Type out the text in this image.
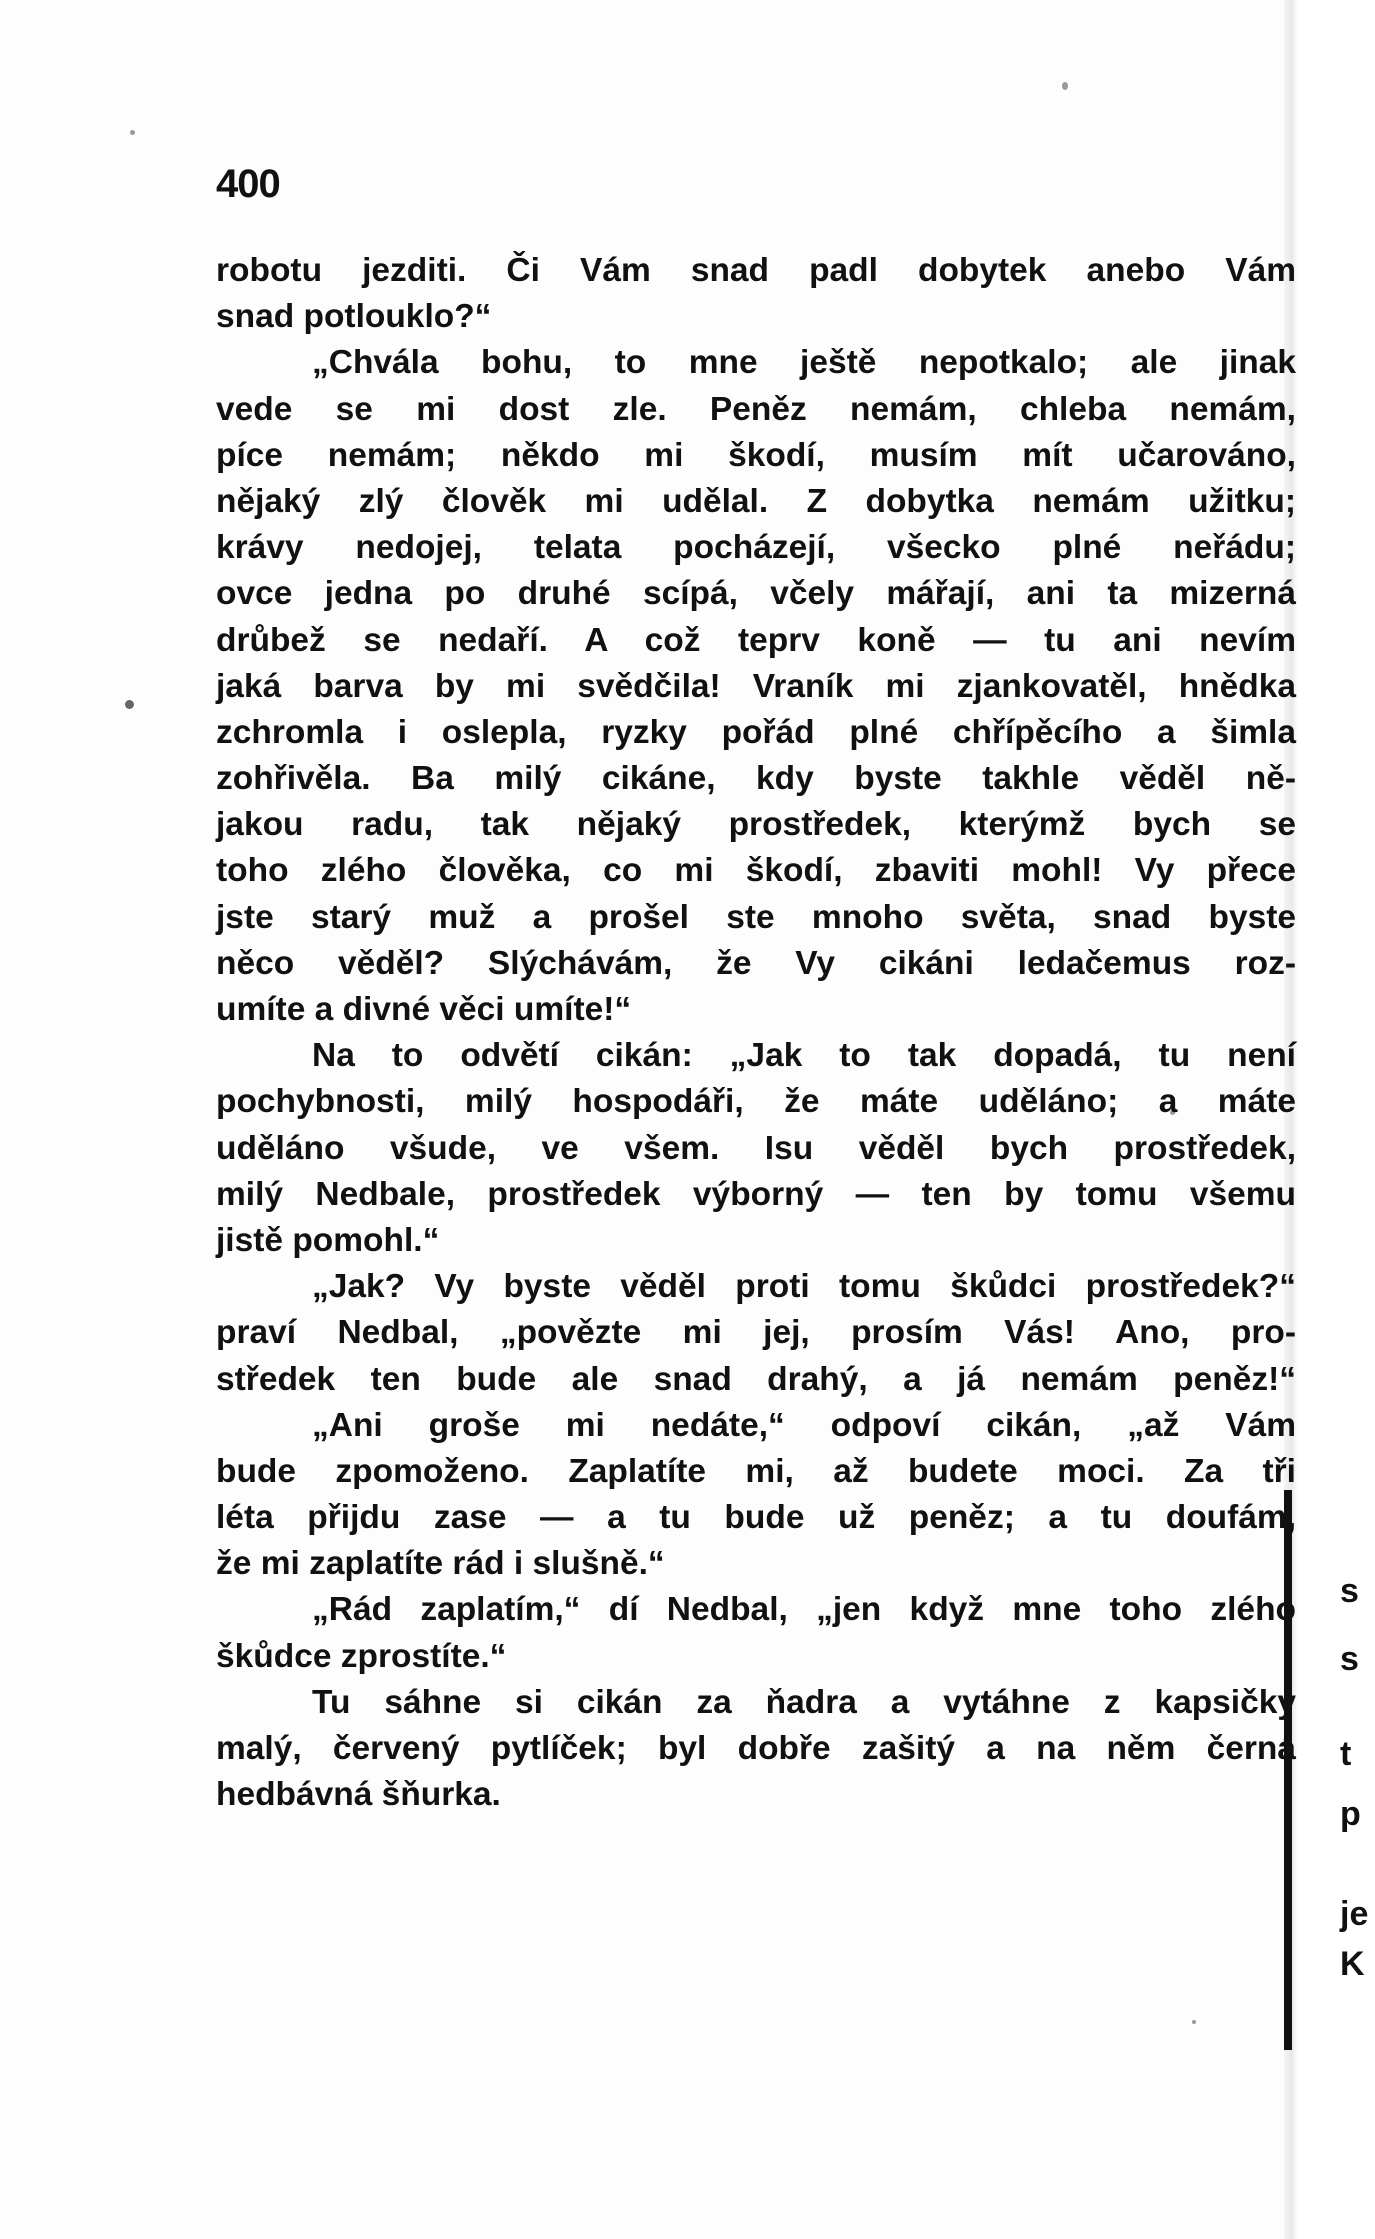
400
robotu jezditi. Či Vám snad padl dobytek anebo Vám
snad potlouklo?“
„Chvála bohu, to mne ještě nepotkalo; ale jinak
vede se mi dost zle. Peněz nemám, chleba nemám,
píce nemám; někdo mi škodí, musím mít učarováno,
nějaký zlý člověk mi udělal. Z dobytka nemám užitku;
krávy nedojej, telata pocházejí, všecko plné neřádu;
ovce jedna po druhé scípá, včely mářají, ani ta mizerná
drůbež se nedaří. A což teprv koně — tu ani nevím
jaká barva by mi svědčila! Vraník mi zjankovatěl, hnědka
zchromla i oslepla, ryzky pořád plné chřípěcího a šimla
zohřivěla. Ba milý cikáne, kdy byste takhle věděl ně-
jakou radu, tak nějaký prostředek, kterýmž bych se
toho zlého člověka, co mi škodí, zbaviti mohl! Vy přece
jste starý muž a prošel ste mnoho světa, snad byste
něco věděl? Slýchávám, že Vy cikáni ledačemus roz-
umíte a divné věci umíte!“
Na to odvětí cikán: „Jak to tak dopadá, tu není
pochybnosti, milý hospodáři, že máte uděláno; a máte
uděláno všude, ve všem. Isu věděl bych prostředek,
milý Nedbale, prostředek výborný — ten by tomu všemu
jistě pomohl.“
„Jak? Vy byste věděl proti tomu škůdci prostředek?“
praví Nedbal, „povězte mi jej, prosím Vás! Ano, pro-
středek ten bude ale snad drahý, a já nemám peněz!“
„Ani groše mi nedáte,“ odpoví cikán, „až Vám
bude zpomoženo. Zaplatíte mi, až budete moci. Za tři
léta přijdu zase — a tu bude už peněz; a tu doufám,
že mi zaplatíte rád i slušně.“
„Rád zaplatím,“ dí Nedbal, „jen když mne toho zlého
škůdce zprostíte.“
Tu sáhne si cikán za ňadra a vytáhne z kapsičky
malý, červený pytlíček; byl dobře zašitý a na něm černá
hedbávná šňurka.
s
s
t
p
je
K
